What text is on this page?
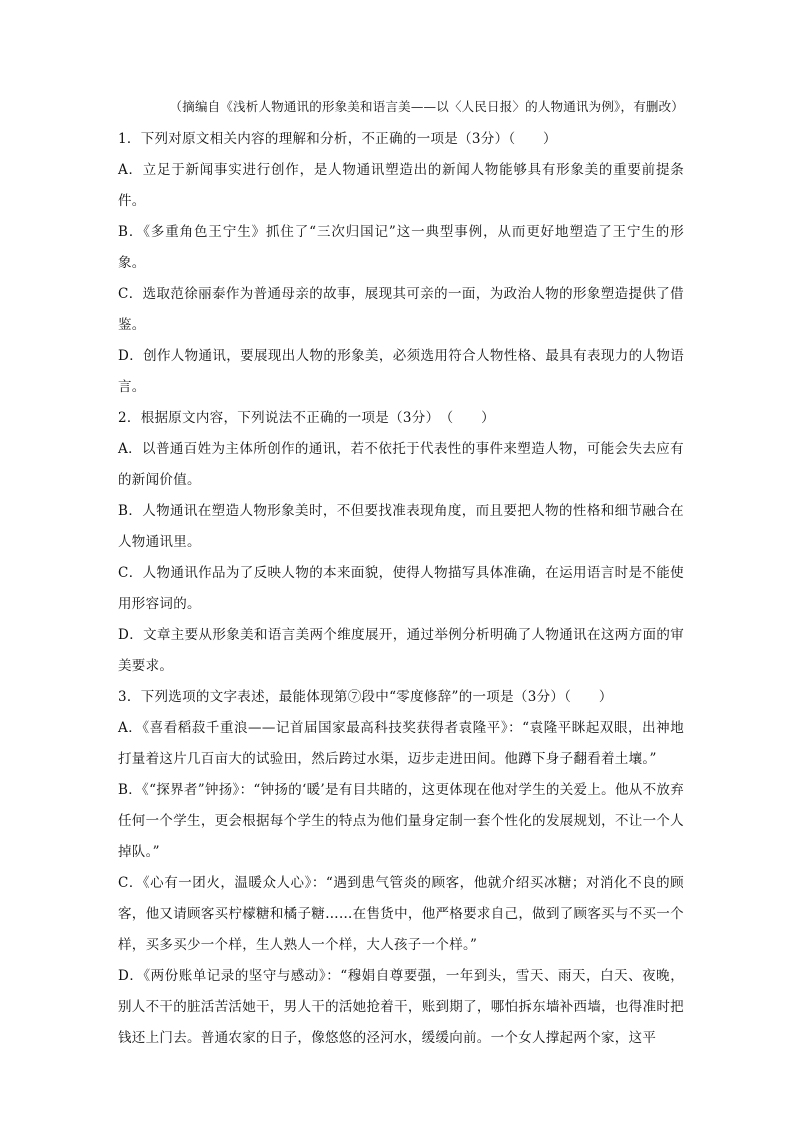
（摘编自《浅析人物通讯的形象美和语言美——以〈人民日报〉的人物通讯为例》，有删改）
1．下列对原文相关内容的理解和分析，不正确的一项是（3分）（　　）
A．立足于新闻事实进行创作，是人物通讯塑造出的新闻人物能够具有形象美的重要前提条件。
B．《多重角色王宁生》抓住了“三次归国记”这一典型事例，从而更好地塑造了王宁生的形象。
C．选取范徐丽泰作为普通母亲的故事，展现其可亲的一面，为政治人物的形象塑造提供了借鉴。
D．创作人物通讯，要展现出人物的形象美，必须选用符合人物性格、最具有表现力的人物语言。
2．根据原文内容，下列说法不正确的一项是（3分）　（　　）
A．以普通百姓为主体所创作的通讯，若不依托于代表性的事件来塑造人物，可能会失去应有的新闻价值。
B．人物通讯在塑造人物形象美时，不但要找准表现角度，而且要把人物的性格和细节融合在人物通讯里。
C．人物通讯作品为了反映人物的本来面貌，使得人物描写具体准确，在运用语言时是不能使用形容词的。
D．文章主要从形象美和语言美两个维度展开，通过举例分析明确了人物通讯在这两方面的审美要求。
3．下列选项的文字表述，最能体现第⑦段中“零度修辞”的一项是（3分）（　　）
A．《喜看稻菽千重浪——记首届国家最高科技奖获得者袁隆平》：“袁隆平眯起双眼，出神地打量着这片几百亩大的试验田，然后跨过水渠，迈步走进田间。他蹲下身子翻看着土壤。”
B．《“探界者”钟扬》：“钟扬的‘暖’是有目共睹的，这更体现在他对学生的关爱上。他从不放弃任何一个学生，更会根据每个学生的特点为他们量身定制一套个性化的发展规划，不让一个人掉队。”
C．《心有一团火，温暖众人心》：“遇到患气管炎的顾客，他就介绍买冰糖；对消化不良的顾客，他又请顾客买柠檬糖和橘子糖……在售货中，他严格要求自己，做到了顾客买与不买一个样，买多买少一个样，生人熟人一个样，大人孩子一个样。”
D．《两份账单记录的坚守与感动》：“穆娟自尊要强，一年到头，雪天、雨天，白天、夜晚，别人不干的脏活苦活她干，男人干的活她抢着干，账到期了，哪怕拆东墙补西墙，也得准时把钱还上门去。普通农家的日子，像悠悠的泾河水，缓缓向前。一个女人撑起两个家，这平
